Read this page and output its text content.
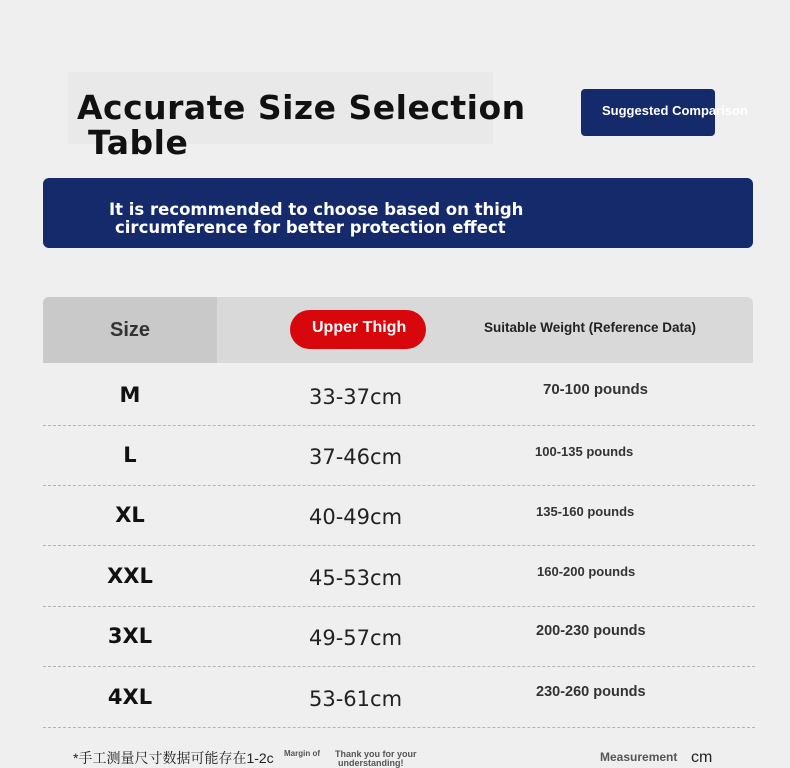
Accurate Size Selection
Table
Suggested Comparison
It is recommended to choose based on thigh
circumference for better protection effect
Size	Upper Thigh	Suitable Weight (Reference Data)
M	33-37cm	70-100 pounds
L	37-46cm	100-135 pounds
XL	40-49cm	135-160 pounds
XXL	45-53cm	160-200 pounds
3XL	49-57cm	200-230 pounds
4XL	53-61cm	230-260 pounds
*手工测量尺寸数据可能存在1-2c Margin of Thank you for your
understanding!	Measurement cm
